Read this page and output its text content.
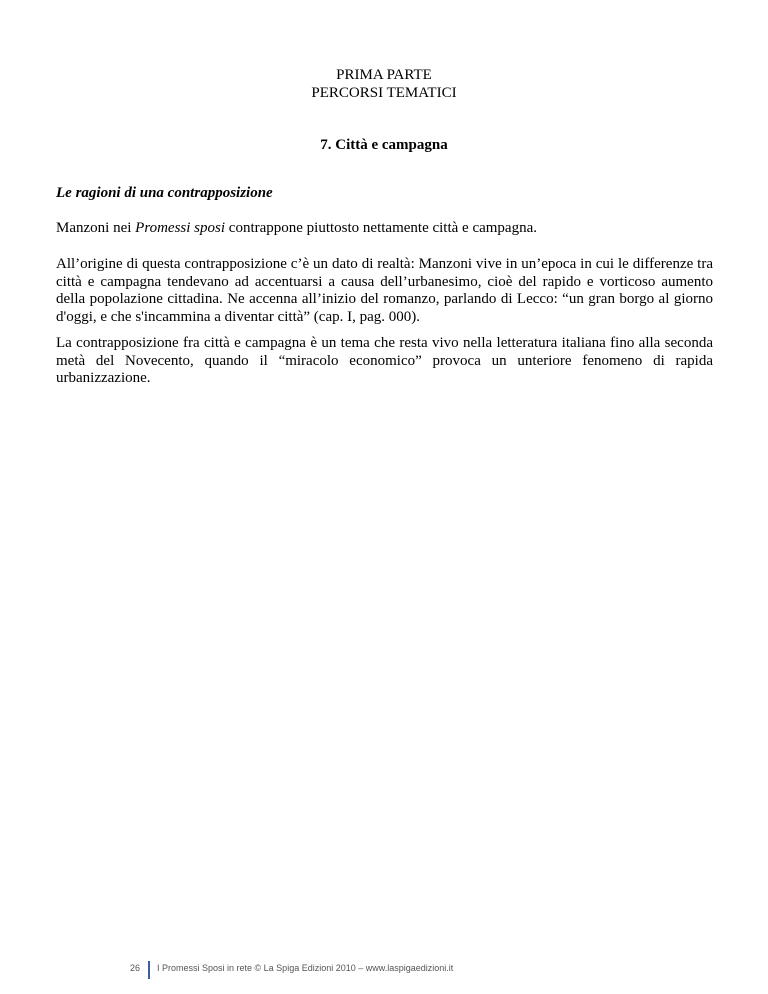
PRIMA PARTE
PERCORSI TEMATICI
7. Città e campagna
Le ragioni di una contrapposizione
Manzoni nei Promessi sposi contrappone piuttosto nettamente città e campagna.
All’origine di questa contrapposizione c’è un dato di realtà: Manzoni vive in un’epoca in cui le differenze tra città e campagna tendevano ad accentuarsi a causa dell’urbanesimo, cioè del rapido e vorticoso aumento della popolazione cittadina. Ne accenna all’inizio del romanzo, parlando di Lecco: “un gran borgo al giorno d'oggi, e che s'incammina a diventar città” (cap. I, pag. 000).
La contrapposizione fra città e campagna è un tema che resta vivo nella letteratura italiana fino alla seconda metà del Novecento, quando il “miracolo economico” provoca un unteriore fenomeno di rapida urbanizzazione.
26 I Promessi Sposi in rete © La Spiga Edizioni 2010 – www.laspigaedizioni.it
